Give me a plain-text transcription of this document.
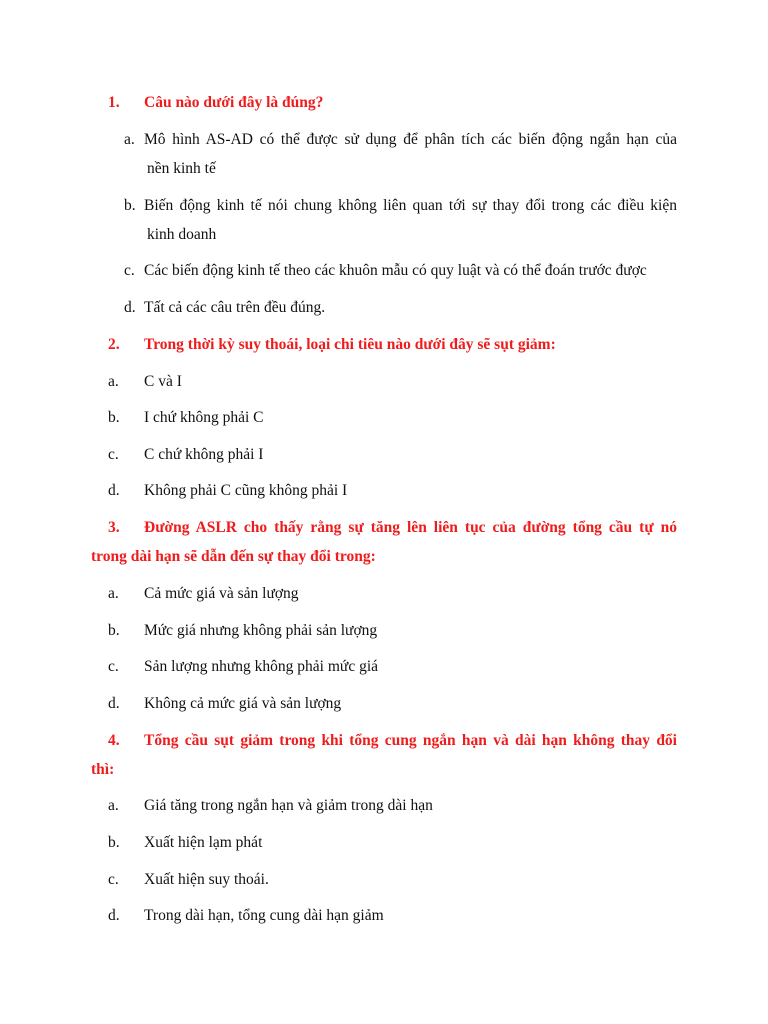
1. Câu nào dưới đây là đúng?
a. Mô hình AS-AD có thể được sử dụng để phân tích các biến động ngắn hạn của
nền kinh tế
b. Biến động kinh tế nói chung không liên quan tới sự thay đổi trong các điều kiện
kinh doanh
c. Các biến động kinh tế theo các khuôn mẫu có quy luật và có thể đoán trước được
d. Tất cả các câu trên đều đúng.
2. Trong thời kỳ suy thoái, loại chi tiêu nào dưới đây sẽ sụt giảm:
a. C và I
b. I chứ không phải C
c. C chứ không phải I
d. Không phải C cũng không phải I
3. Đường ASLR cho thấy rằng sự tăng lên liên tục của đường tổng cầu tự nó
trong dài hạn sẽ dẫn đến sự thay đổi trong:
a. Cả mức giá và sản lượng
b. Mức giá nhưng không phải sản lượng
c. Sản lượng nhưng không phải mức giá
d. Không cả mức giá và sản lượng
4. Tổng cầu sụt giảm trong khi tổng cung ngắn hạn và dài hạn không thay đổi
thì:
a. Giá tăng trong ngắn hạn và giảm trong dài hạn
b. Xuất hiện lạm phát
c. Xuất hiện suy thoái.
d. Trong dài hạn, tổng cung dài hạn giảm
